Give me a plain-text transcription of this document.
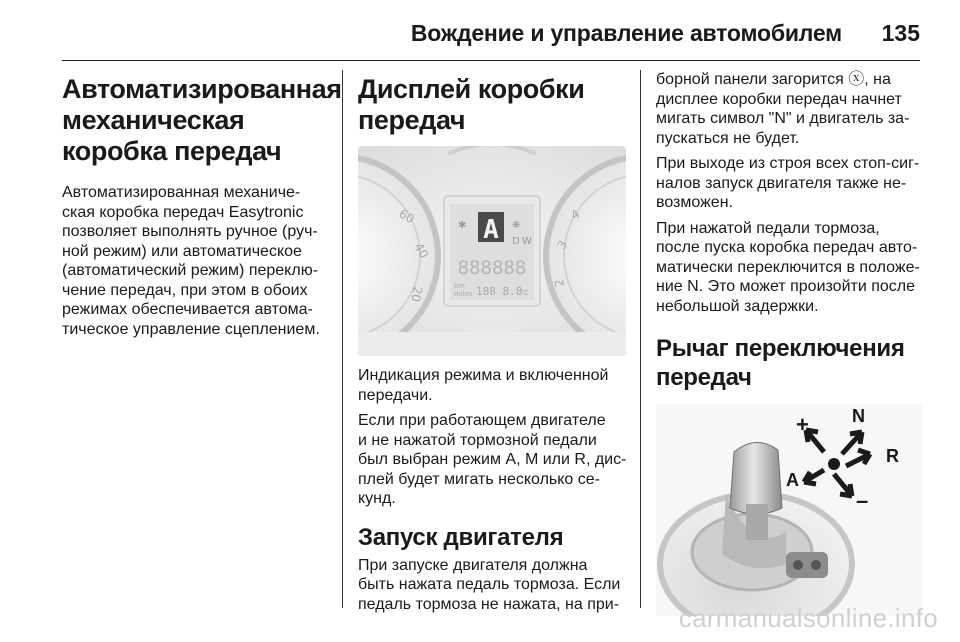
Вождение и управление автомобилем 135
Автоматизированная механическая коробка передач

Автоматизированная механиче-
ская коробка передач Easytronic
позволяет выполнять ручное (руч-
ной режим) или автоматическое
(автоматический режим) переклю-
чение передач, при этом в обоих
режимах обеспечивается автома-
тическое управление сцеплением.

Дисплей коробки передач
60
40
20
4
3
2
A
✱	❋
D W
888888
km
miles 188 8.8
°C

Индикация режима и включенной
передачи.

Если при работающем двигателе
и не нажатой тормозной педали
был выбран режим A, M или R, дис-
плей будет мигать несколько се-
кунд.

Запуск двигателя

При запуске двигателя должна
быть нажата педаль тормоза. Если
педаль тормоза не нажата, на при-

борной панели загорится ⓧ, на
дисплее коробки передач начнет
мигать символ "N" и двигатель за-
пускаться не будет.

При выходе из строя всех стоп-сиг-
налов запуск двигателя также не-
возможен.

При нажатой педали тормоза,
после пуска коробка передач авто-
матически переключится в положе-
ние N. Это может произойти после
небольшой задержки.

Рычаг переключения передач
+ N
R
A
–
carmanualsonline.info
